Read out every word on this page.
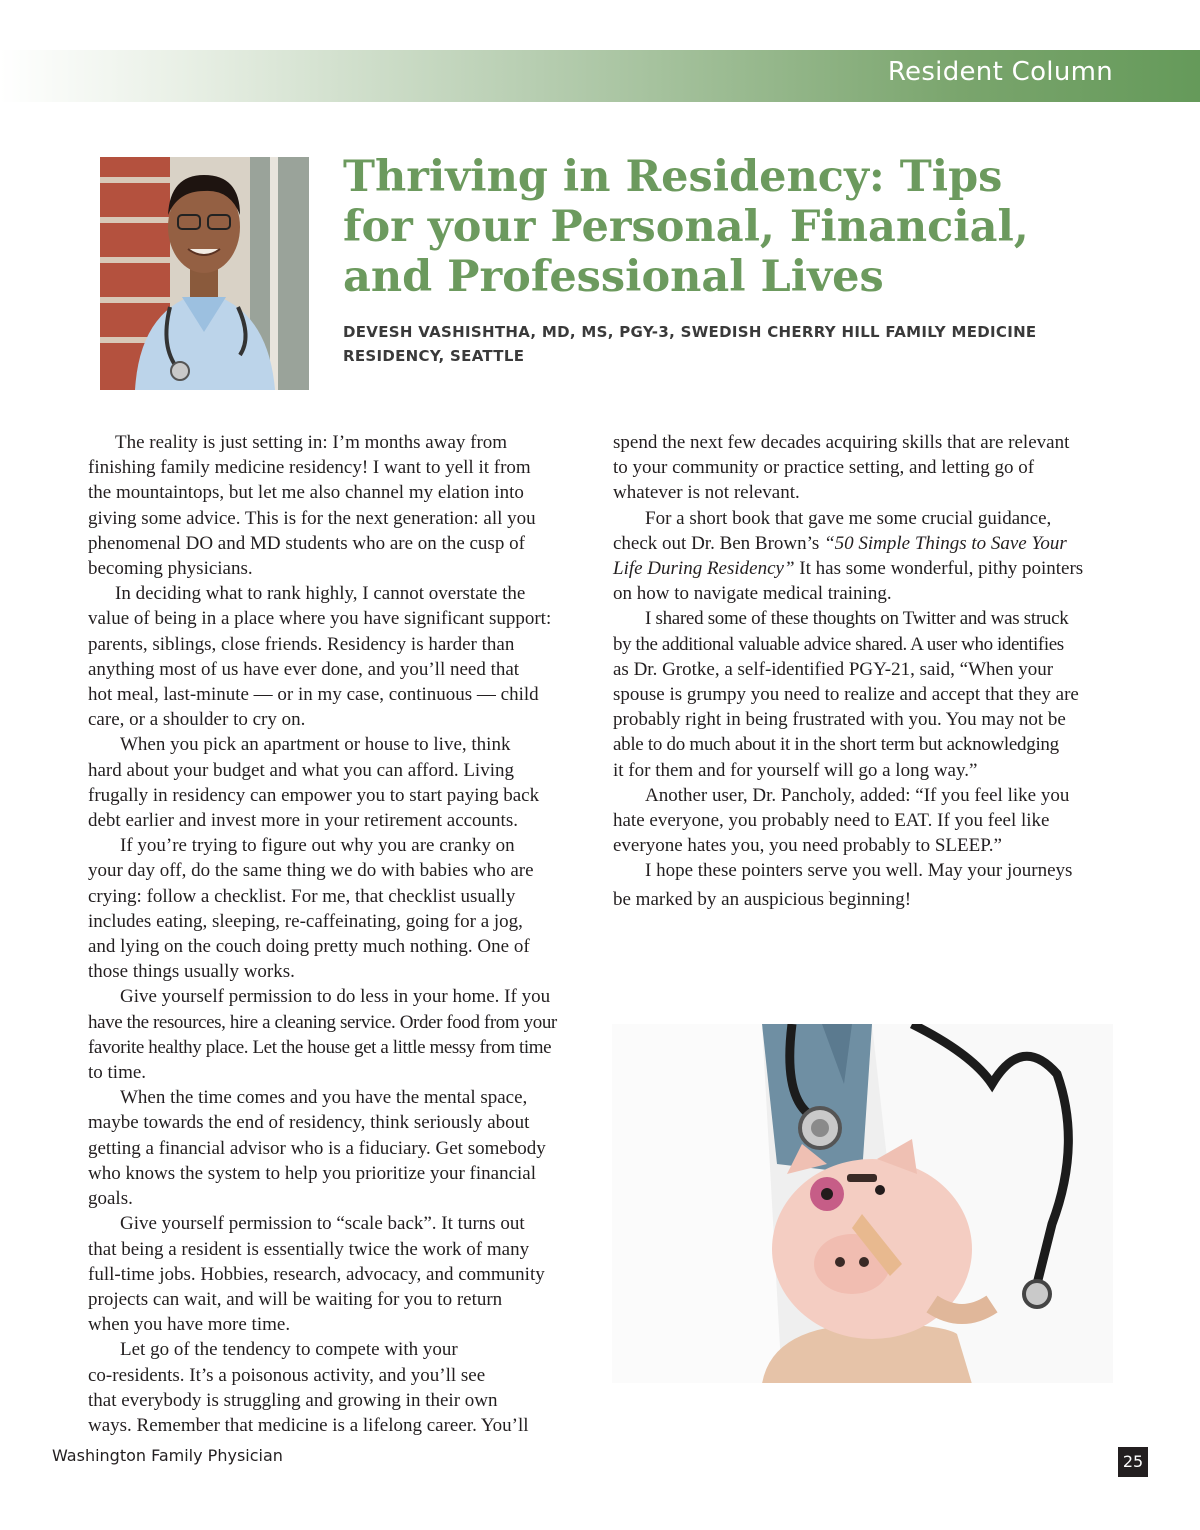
Resident Column
Thriving in Residency: Tips for your Personal, Financial, and Professional Lives

DEVESH VASHISHTHA, MD, MS, PGY-3, SWEDISH CHERRY HILL FAMILY MEDICINE RESIDENCY, SEATTLE

The reality is just setting in: I’m months away from

finishing family medicine residency! I want to yell it from

the mountaintops, but let me also channel my elation into

giving some advice. This is for the next generation: all you

phenomenal DO and MD students who are on the cusp of

becoming physicians.

In deciding what to rank highly, I cannot overstate the

value of being in a place where you have significant support:

parents, siblings, close friends. Residency is harder than

anything most of us have ever done, and you’ll need that

hot meal, last-minute — or in my case, continuous — child

care, or a shoulder to cry on.

When you pick an apartment or house to live, think

hard about your budget and what you can afford. Living

frugally in residency can empower you to start paying back

debt earlier and invest more in your retirement accounts.

If you’re trying to figure out why you are cranky on

your day off, do the same thing we do with babies who are

crying: follow a checklist. For me, that checklist usually

includes eating, sleeping, re-caffeinating, going for a jog,

and lying on the couch doing pretty much nothing. One of

those things usually works.

Give yourself permission to do less in your home. If you

have the resources, hire a cleaning service. Order food from your

favorite healthy place. Let the house get a little messy from time

to time.

When the time comes and you have the mental space,

maybe towards the end of residency, think seriously about

getting a financial advisor who is a fiduciary. Get somebody

who knows the system to help you prioritize your financial

goals.

Give yourself permission to “scale back”. It turns out

that being a resident is essentially twice the work of many

full-time jobs. Hobbies, research, advocacy, and community

projects can wait, and will be waiting for you to return

when you have more time.

Let go of the tendency to compete with your

co-residents. It’s a poisonous activity, and you’ll see

that everybody is struggling and growing in their own

ways. Remember that medicine is a lifelong career. You’ll

spend the next few decades acquiring skills that are relevant

to your community or practice setting, and letting go of

whatever is not relevant.

For a short book that gave me some crucial guidance,

check out Dr. Ben Brown’s “50 Simple Things to Save Your

Life During Residency” It has some wonderful, pithy pointers

on how to navigate medical training.

I shared some of these thoughts on Twitter and was struck

by the additional valuable advice shared. A user who identifies

as Dr. Grotke, a self-identified PGY-21, said, “When your

spouse is grumpy you need to realize and accept that they are

probably right in being frustrated with you. You may not be

able to do much about it in the short term but acknowledging

it for them and for yourself will go a long way.”

Another user, Dr. Pancholy, added: “If you feel like you

hate everyone, you probably need to EAT. If you feel like

everyone hates you, you need probably to SLEEP.”

I hope these pointers serve you well. May your journeys

be marked by an auspicious beginning!

Washington Family Physician	25
